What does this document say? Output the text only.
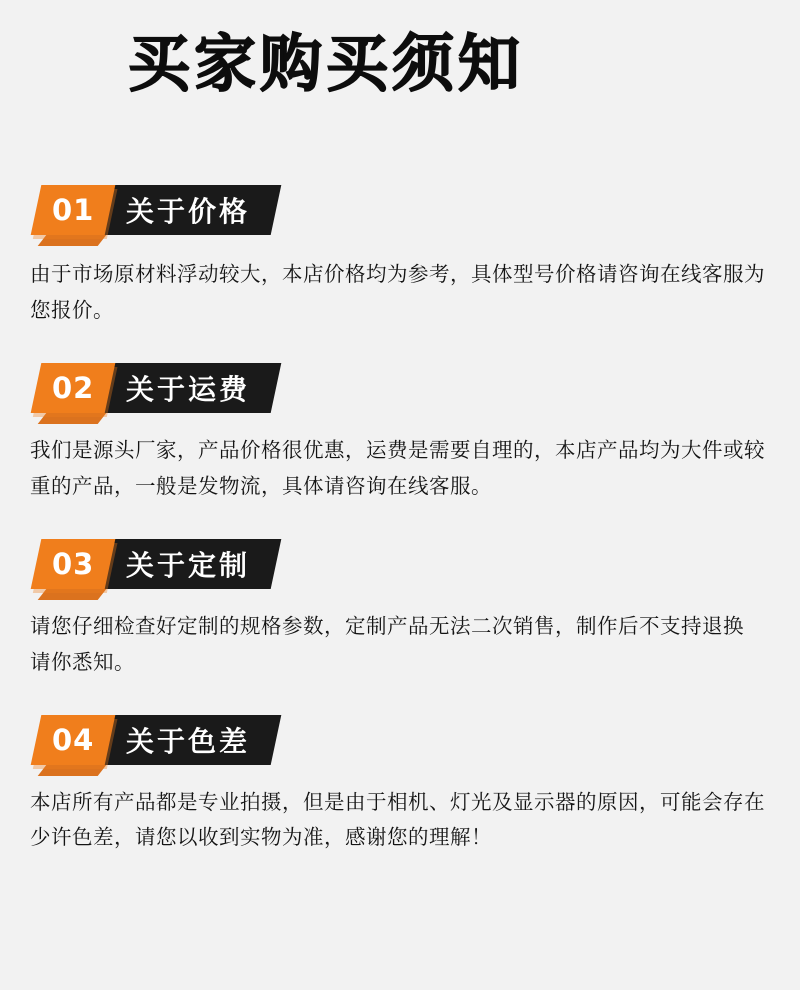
买家购买须知
01 关于价格

由于市场原材料浮动较大，本店价格均为参考，具体型号价格请咨询在线客服为您报价。

02 关于运费

我们是源头厂家，产品价格很优惠，运费是需要自理的，本店产品均为大件或较重的产品，一般是发物流，具体请咨询在线客服。

03 关于定制

请您仔细检查好定制的规格参数，定制产品无法二次销售，制作后不支持退换 请你悉知。

04 关于色差

本店所有产品都是专业拍摄，但是由于相机、灯光及显示器的原因，可能会存在少许色差，请您以收到实物为准，感谢您的理解！
